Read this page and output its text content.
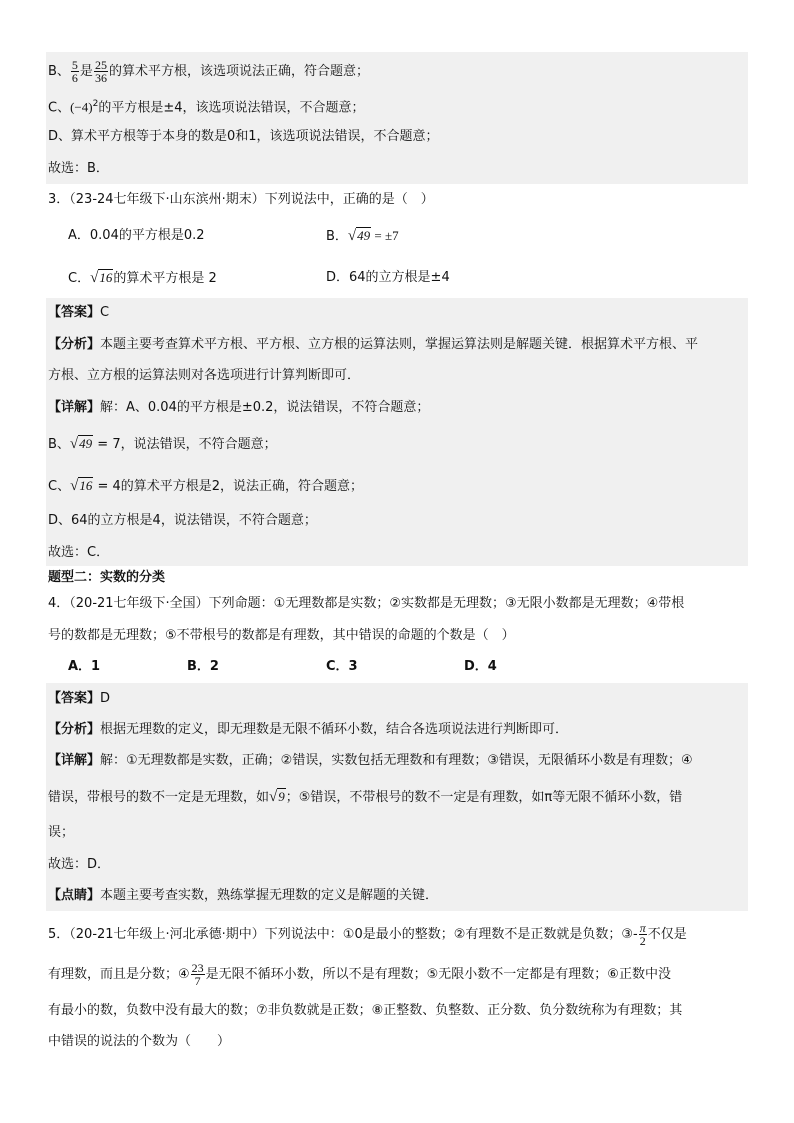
B、 $\frac{5}{6}$ 是 $\frac{25}{36}$ 的算术平方根，该选项说法正确，符合题意；
C、$(-4)^2$的平方根是±4，该选项说法错误，不合题意；
D、算术平方根等于本身的数是0和1，该选项说法错误，不合题意；
故选：B．
3．（23-24七年级下·山东滨州·期末）下列说法中，正确的是（　）
A．0.04的平方根是0.2	B．√49 = ±7
C．√16的算术平方根是 2	D．64的立方根是±4
【答案】C
【分析】本题主要考查算术平方根、平方根、立方根的运算法则，掌握运算法则是解题关键．根据算术平方根、平
方根、立方根的运算法则对各选项进行计算判断即可．
【详解】解：A、0.04的平方根是±0.2，说法错误，不符合题意；
B、√49 = 7，说法错误，不符合题意；
C、√16 = 4的算术平方根是2，说法正确，符合题意；
D、64的立方根是4，说法错误，不符合题意；
故选：C．
题型二：实数的分类
4．（20-21七年级下·全国）下列命题：①无理数都是实数；②实数都是无理数；③无限小数都是无理数；④带根
号的数都是无理数；⑤不带根号的数都是有理数，其中错误的命题的个数是（　）
A．1	B．2	C．3	D．4
【答案】D
【分析】根据无理数的定义，即无理数是无限不循环小数，结合各选项说法进行判断即可．
【详解】解：①无理数都是实数，正确；②错误，实数包括无理数和有理数；③错误，无限循环小数是有理数；④
错误，带根号的数不一定是无理数，如√9；⑤错误，不带根号的数不一定是有理数，如π等无限不循环小数，错
误；
故选：D．
【点睛】本题主要考查实数，熟练掌握无理数的定义是解题的关键．
5．（20-21七年级上·河北承德·期中）下列说法中：①0是最小的整数；②有理数不是正数就是负数；③- $\frac{\pi}{2}$ 不仅是
有理数，而且是分数；④ $\frac{23}{7}$ 是无限不循环小数，所以不是有理数；⑤无限小数不一定都是有理数；⑥正数中没
有最小的数，负数中没有最大的数；⑦非负数就是正数；⑧正整数、负整数、正分数、负分数统称为有理数；其
中错误的说法的个数为（　　）
